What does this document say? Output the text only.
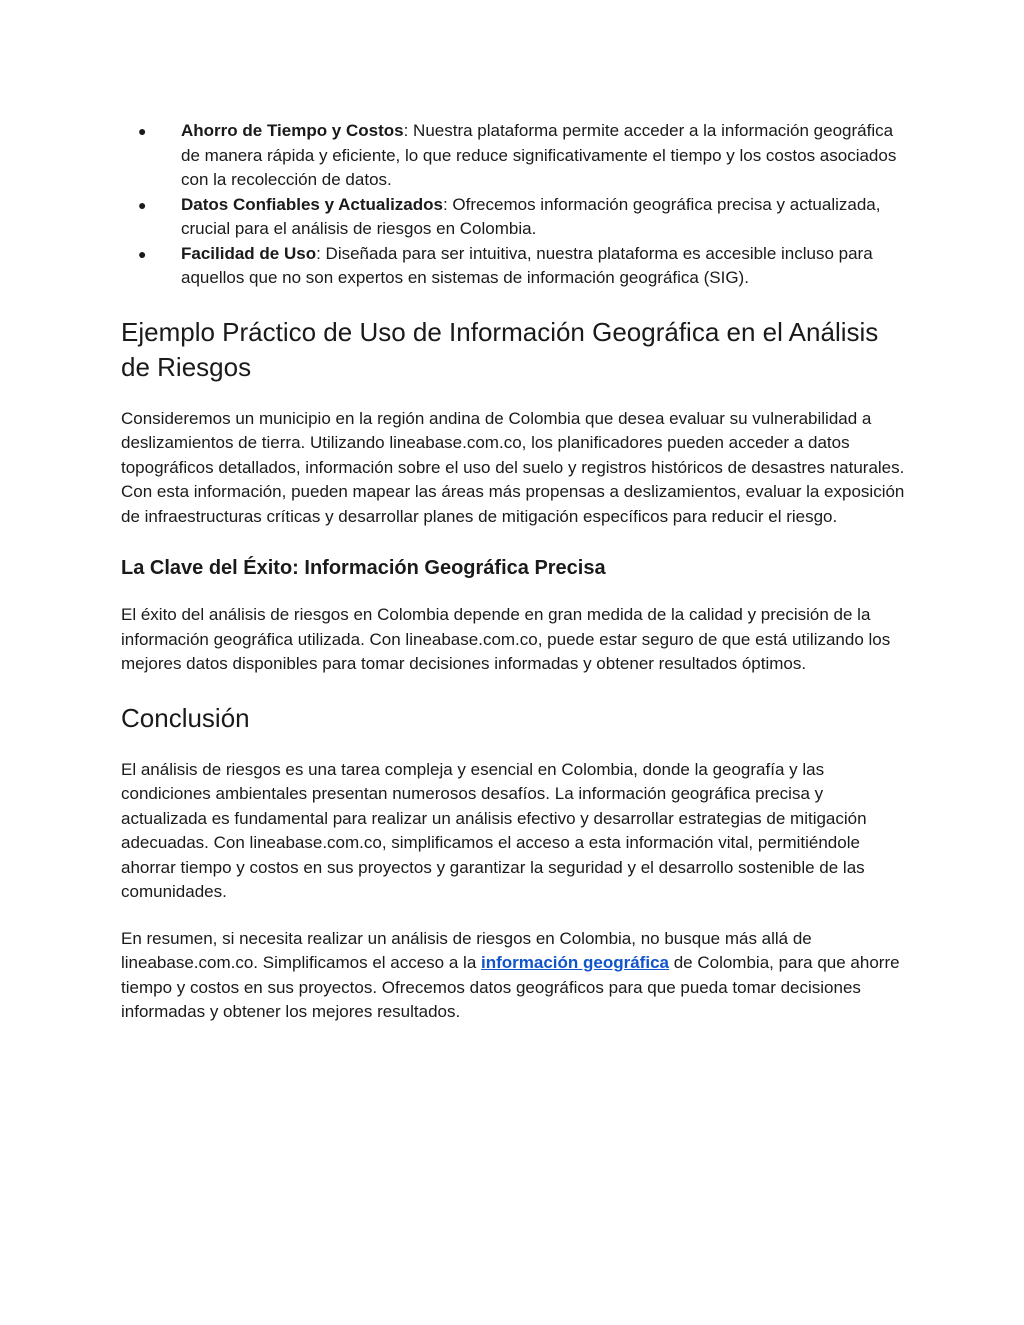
● Ahorro de Tiempo y Costos: Nuestra plataforma permite acceder a la información geográfica de manera rápida y eficiente, lo que reduce significativamente el tiempo y los costos asociados con la recolección de datos.
● Datos Confiables y Actualizados: Ofrecemos información geográfica precisa y actualizada, crucial para el análisis de riesgos en Colombia.
● Facilidad de Uso: Diseñada para ser intuitiva, nuestra plataforma es accesible incluso para aquellos que no son expertos en sistemas de información geográfica (SIG).
Ejemplo Práctico de Uso de Información Geográfica en el Análisis de Riesgos

Consideremos un municipio en la región andina de Colombia que desea evaluar su vulnerabilidad a deslizamientos de tierra. Utilizando lineabase.com.co, los planificadores pueden acceder a datos topográficos detallados, información sobre el uso del suelo y registros históricos de desastres naturales. Con esta información, pueden mapear las áreas más propensas a deslizamientos, evaluar la exposición de infraestructuras críticas y desarrollar planes de mitigación específicos para reducir el riesgo.

La Clave del Éxito: Información Geográfica Precisa

El éxito del análisis de riesgos en Colombia depende en gran medida de la calidad y precisión de la información geográfica utilizada. Con lineabase.com.co, puede estar seguro de que está utilizando los mejores datos disponibles para tomar decisiones informadas y obtener resultados óptimos.

Conclusión

El análisis de riesgos es una tarea compleja y esencial en Colombia, donde la geografía y las condiciones ambientales presentan numerosos desafíos. La información geográfica precisa y actualizada es fundamental para realizar un análisis efectivo y desarrollar estrategias de mitigación adecuadas. Con lineabase.com.co, simplificamos el acceso a esta información vital, permitiéndole ahorrar tiempo y costos en sus proyectos y garantizar la seguridad y el desarrollo sostenible de las comunidades.

En resumen, si necesita realizar un análisis de riesgos en Colombia, no busque más allá de lineabase.com.co. Simplificamos el acceso a la información geográfica de Colombia, para que ahorre tiempo y costos en sus proyectos. Ofrecemos datos geográficos para que pueda tomar decisiones informadas y obtener los mejores resultados.
